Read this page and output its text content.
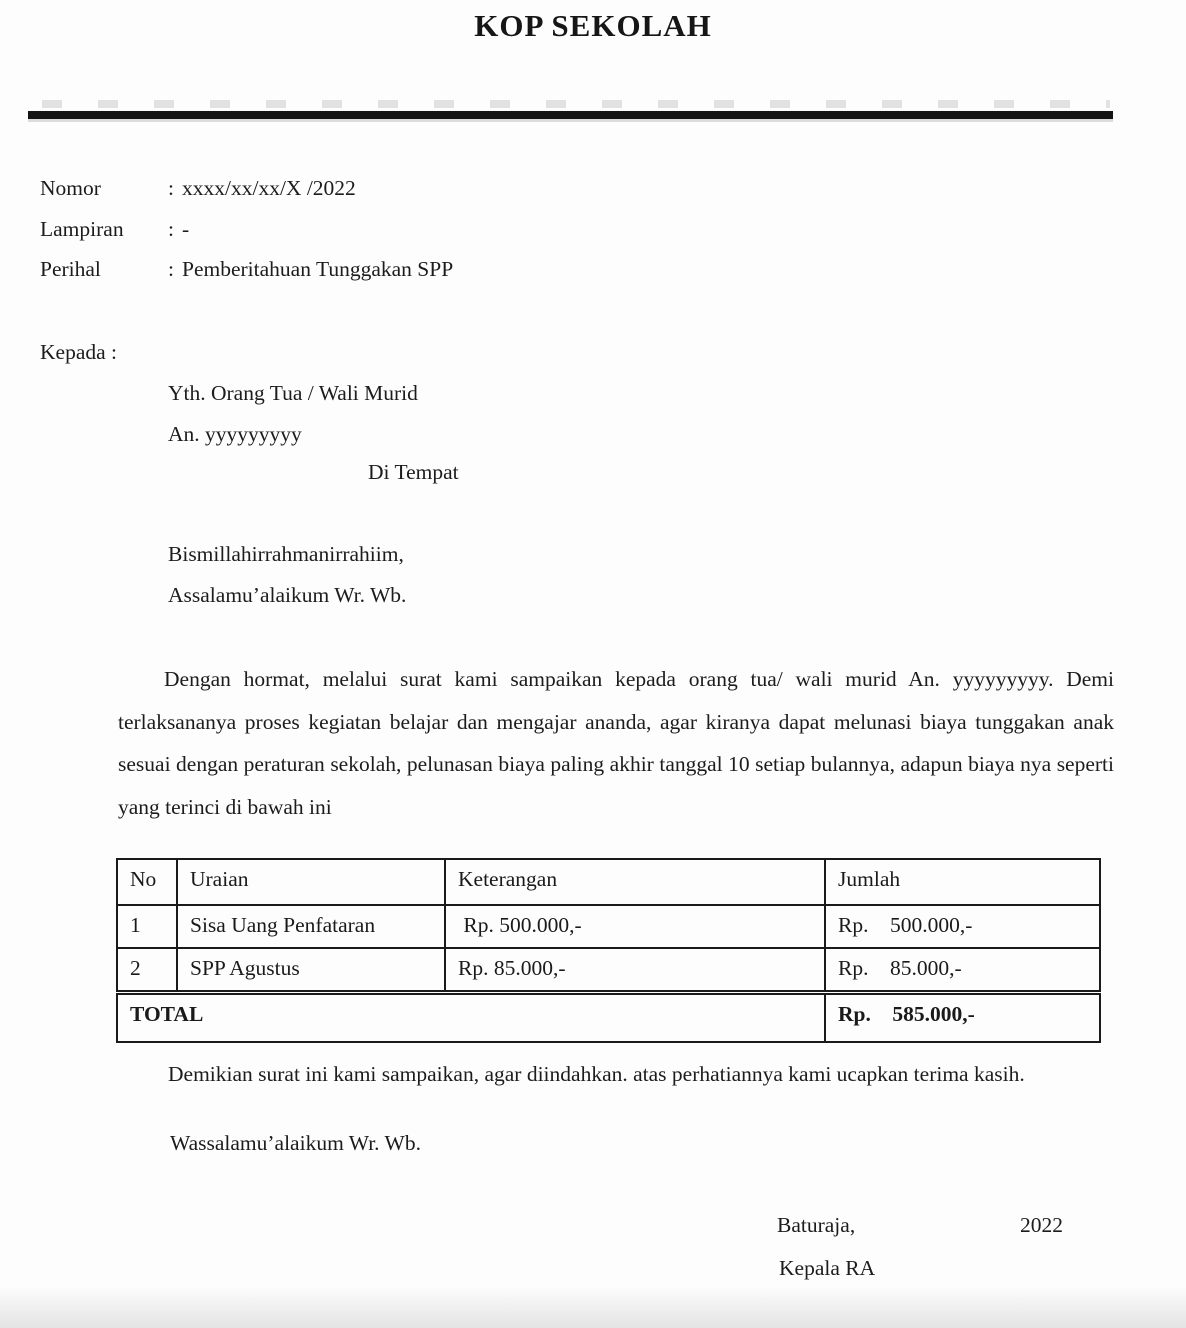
KOP SEKOLAH
Nomor	: xxxx/xx/xx/X /2022
Lampiran	: -
Perihal	: Pemberitahuan Tunggakan SPP
Kepada :
Yth. Orang Tua / Wali Murid
An. yyyyyyyyy
Di Tempat
Bismillahirrahmanirrahiim,
Assalamu’alaikum Wr. Wb.
Dengan hormat, melalui surat kami sampaikan kepada orang tua/ wali murid An. yyyyyyyyy. Demi terlaksananya proses kegiatan belajar dan mengajar ananda, agar kiranya dapat melunasi biaya tunggakan anak sesuai dengan peraturan sekolah, pelunasan biaya paling akhir tanggal 10 setiap bulannya, adapun biaya nya seperti yang terinci di bawah ini
No	Uraian	Keterangan	Jumlah
1	Sisa Uang Penfataran	Rp. 500.000,-	Rp.    500.000,-
2	SPP Agustus	Rp. 85.000,-	Rp.    85.000,-
TOTAL			Rp.    585.000,-
Demikian surat ini kami sampaikan, agar diindahkan. atas perhatiannya kami ucapkan terima kasih.
Wassalamu’alaikum Wr. Wb.
Baturaja,	2022
Kepala RA
